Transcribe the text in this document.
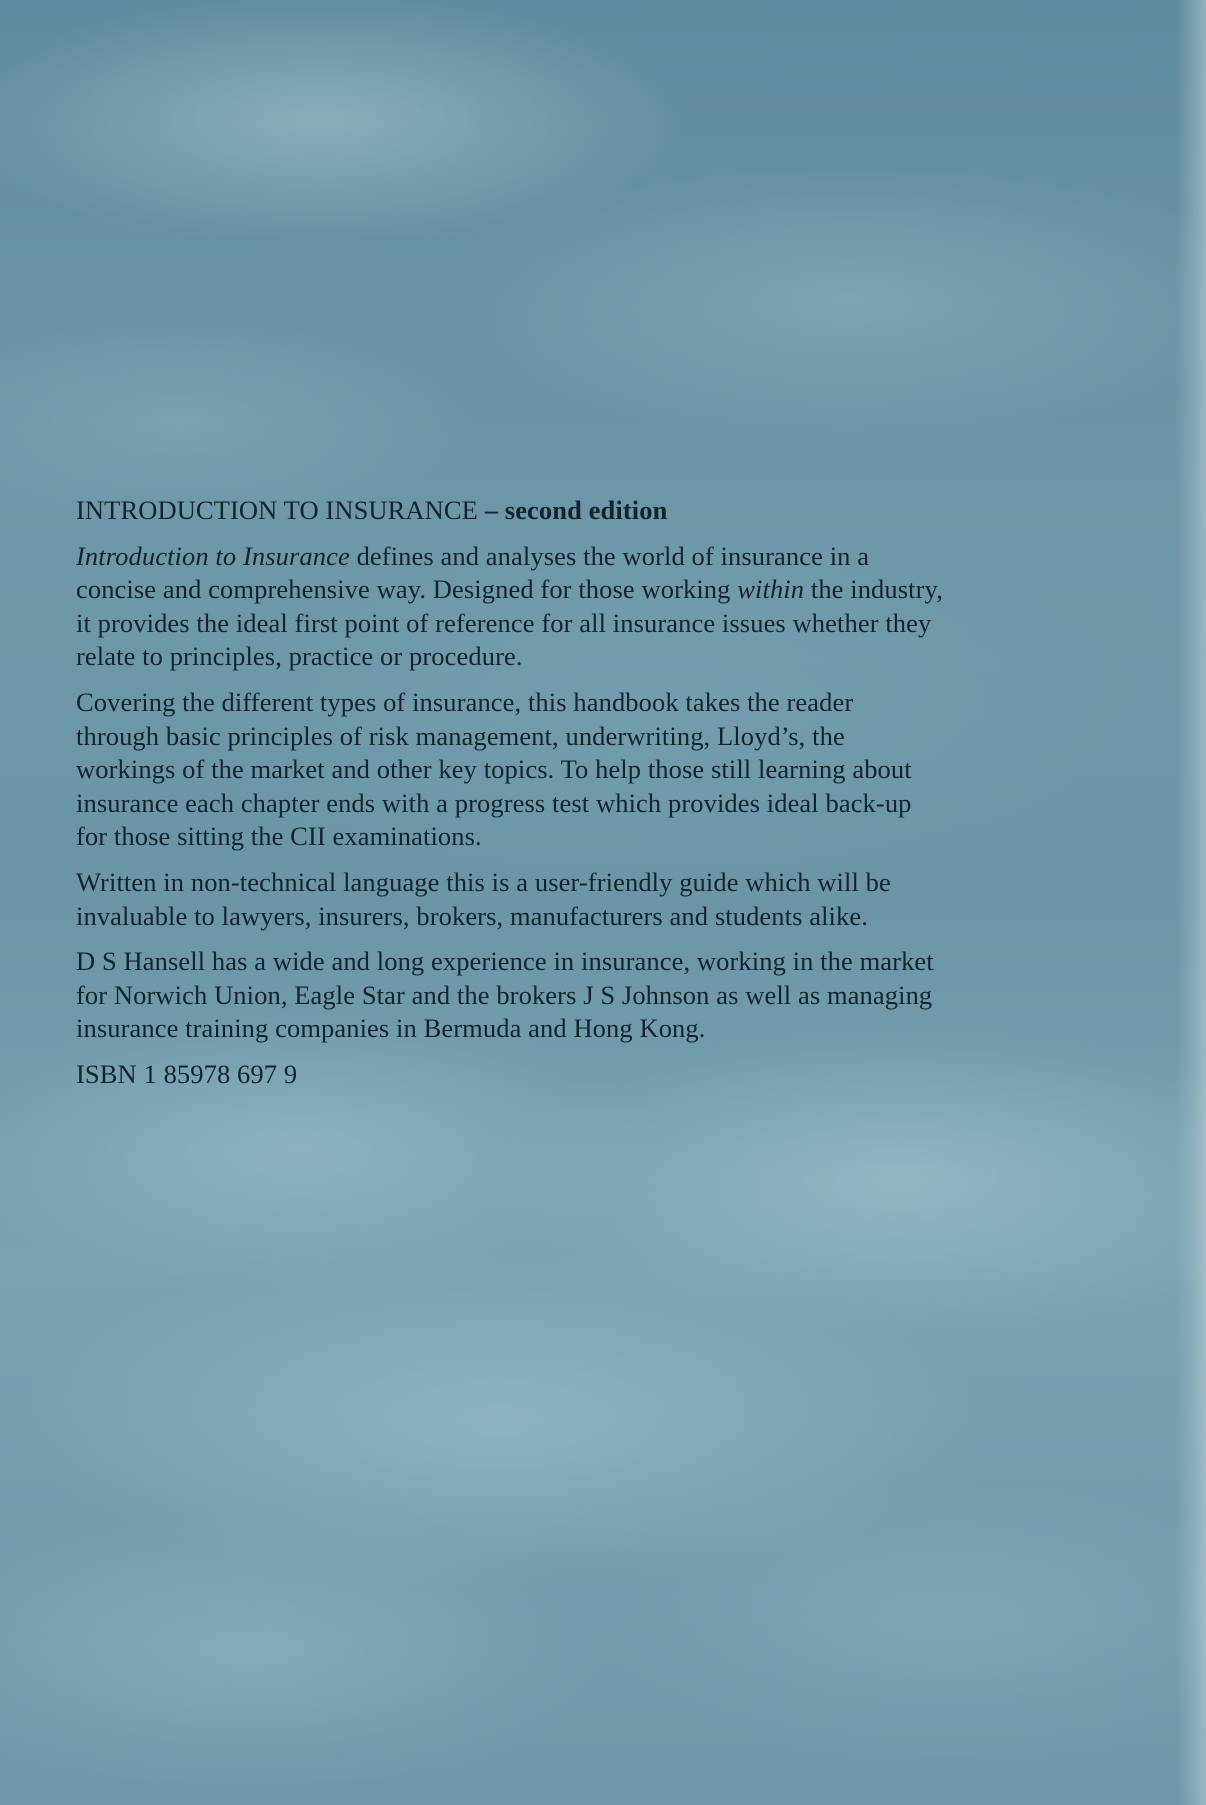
INTRODUCTION TO INSURANCE – second edition

Introduction to Insurance defines and analyses the world of insurance in a
concise and comprehensive way. Designed for those working within the industry,
it provides the ideal first point of reference for all insurance issues whether they
relate to principles, practice or procedure.

Covering the different types of insurance, this handbook takes the reader
through basic principles of risk management, underwriting, Lloyd’s, the
workings of the market and other key topics. To help those still learning about
insurance each chapter ends with a progress test which provides ideal back-up
for those sitting the CII examinations.

Written in non-technical language this is a user-friendly guide which will be
invaluable to lawyers, insurers, brokers, manufacturers and students alike.

D S Hansell has a wide and long experience in insurance, working in the market
for Norwich Union, Eagle Star and the brokers J S Johnson as well as managing
insurance training companies in Bermuda and Hong Kong.

ISBN 1 85978 697 9
